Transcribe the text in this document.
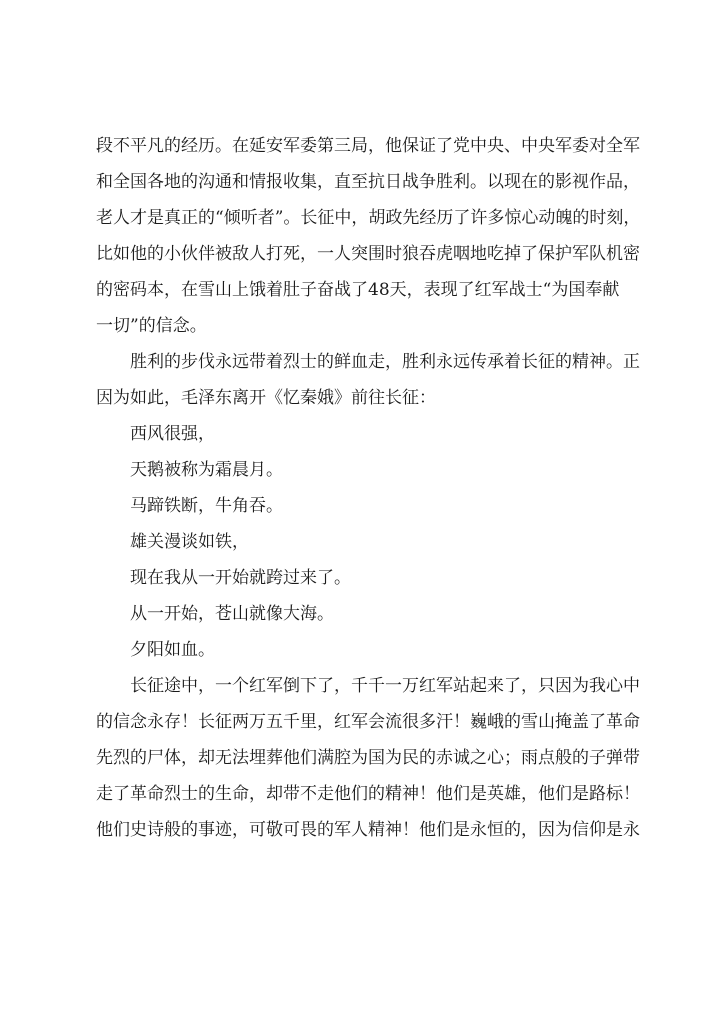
段不平凡的经历。在延安军委第三局，他保证了党中央、中央军委对全军
和全国各地的沟通和情报收集，直至抗日战争胜利。以现在的影视作品，
老人才是真正的“倾听者”。长征中，胡政先经历了许多惊心动魄的时刻，
比如他的小伙伴被敌人打死，一人突围时狼吞虎咽地吃掉了保护军队机密
的密码本，在雪山上饿着肚子奋战了48天，表现了红军战士“为国奉献
一切”的信念。
胜利的步伐永远带着烈士的鲜血走，胜利永远传承着长征的精神。正
因为如此，毛泽东离开《忆秦娥》前往长征：
西风很强，
天鹅被称为霜晨月。
马蹄铁断，牛角吞。
雄关漫谈如铁，
现在我从一开始就跨过来了。
从一开始，苍山就像大海。
夕阳如血。
长征途中，一个红军倒下了，千千一万红军站起来了，只因为我心中
的信念永存！长征两万五千里，红军会流很多汗！巍峨的雪山掩盖了革命
先烈的尸体，却无法埋葬他们满腔为国为民的赤诚之心；雨点般的子弹带
走了革命烈士的生命，却带不走他们的精神！他们是英雄，他们是路标！
他们史诗般的事迹，可敬可畏的军人精神！他们是永恒的，因为信仰是永
